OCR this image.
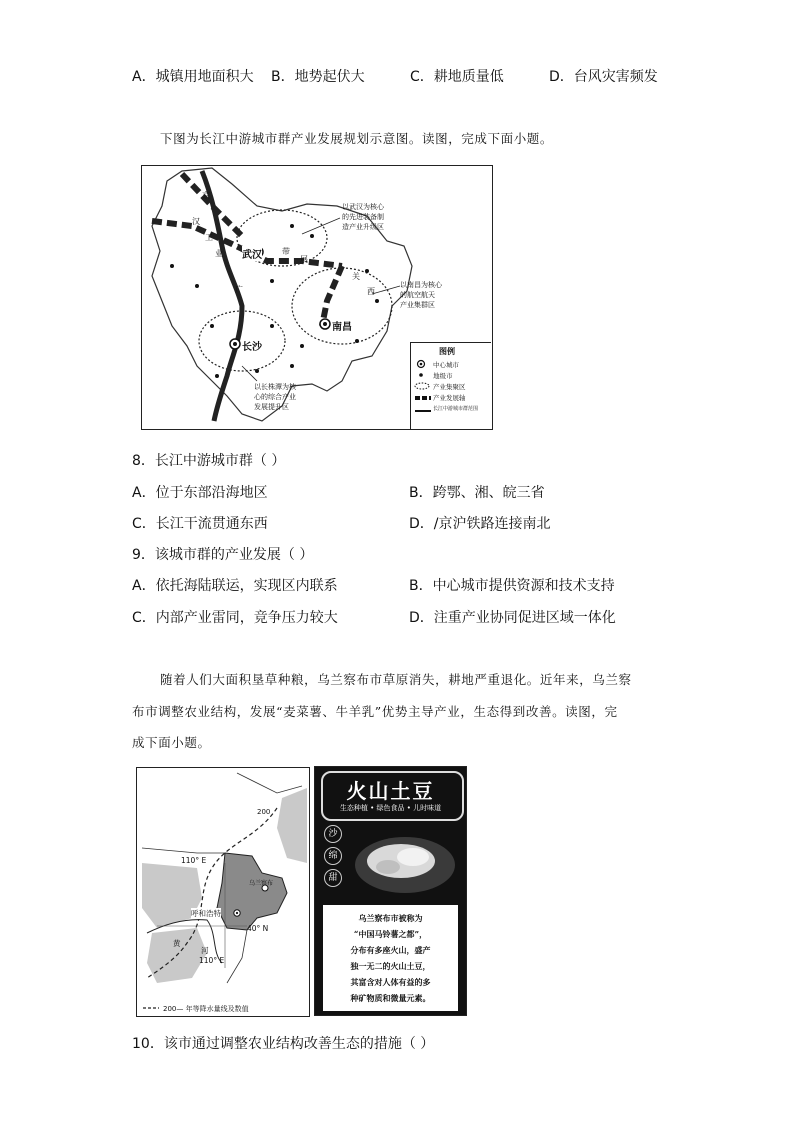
A．城镇用地面积大 B．地势起伏大	C．耕地质量低	D．台风灾害频发
下图为长江中游城市群产业发展规划示意图。读图，完成下面小题。
京
汉
工
业
广
带
展
关
西
武汉
南昌
长沙
以武汉为核心
的先进装备制
造产业升级区
以南昌为核心
的航空航天
产业集群区
以长株潭为核
心的综合产业
发展提升区
图例
中心城市
地级市
产业集聚区
产业发展轴
长江中游城市群范围
8．长江中游城市群（ ）
A．位于东部沿海地区	B．跨鄂、湘、皖三省
C．长江干流贯通东西	D．/京沪铁路连接南北
9．该城市群的产业发展（ ）
A．依托海陆联运，实现区内联系	B．中心城市提供资源和技术支持
C．内部产业雷同，竞争压力较大	D．注重产业协同促进区域一体化
随着人们大面积垦草种粮，乌兰察布市草原消失，耕地严重退化。近年来，乌兰察
布市调整农业结构，发展“麦菜薯、牛羊乳”优势主导产业，生态得到改善。读图，完
成下面小题。
200
110° E
乌兰察布
呼和浩特
40° N
黄
河
110° E
200— 年等降水量线及数值
火山土豆
生态种植 • 绿色食品 • 儿时味道
沙
绵
甜
乌兰察布市被称为
“中国马铃薯之都”，
分布有多座火山，盛产
独一无二的火山土豆，
其富含对人体有益的多
种矿物质和微量元素。
10．该市通过调整农业结构改善生态的措施（ ）
